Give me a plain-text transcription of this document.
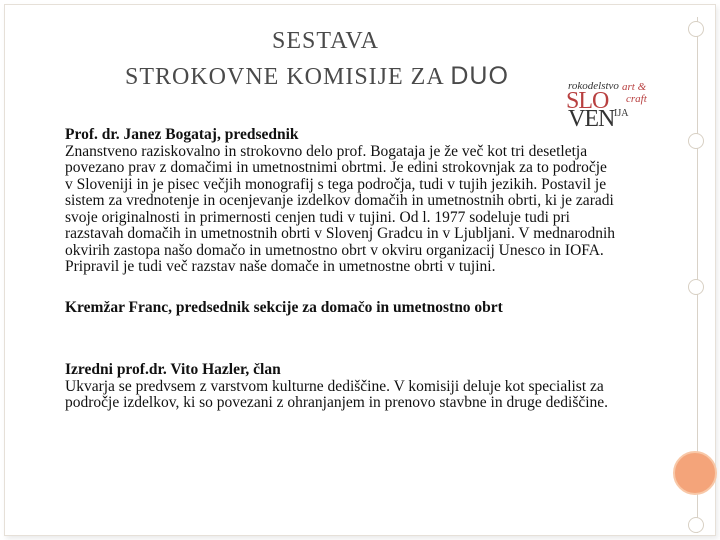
SESTAVA
STROKOVNE KOMISIJE ZA DUO	rokodelstvo art &
craft
SLO
VEN IJA

Prof. dr. Janez Bogataj, predsednik

Znanstveno raziskovalno in strokovno delo prof. Bogataja je že več kot tri desetletja povezano prav z domačimi in umetnostnimi obrtmi. Je edini strokovnjak za to področje v Sloveniji in je pisec večjih monografij s tega področja, tudi v tujih jezikih. Postavil je sistem za vrednotenje in ocenjevanje izdelkov domačih in umetnostnih obrti, ki je zaradi svoje originalnosti in primernosti cenjen tudi v tujini. Od l. 1977 sodeluje tudi pri razstavah domačih in umetnostnih obrti v Slovenj Gradcu in v Ljubljani. V mednarodnih okvirih zastopa našo domačo in umetnostno obrt v okviru organizacij Unesco in IOFA. Pripravil je tudi več razstav naše domače in umetnostne obrti v tujini.

Kremžar Franc, predsednik sekcije za domačo in umetnostno obrt

Izredni prof.dr. Vito Hazler, član

Ukvarja se predvsem z varstvom kulturne dediščine. V komisiji deluje kot specialist za področje izdelkov, ki so povezani z ohranjanjem in prenovo stavbne in druge dediščine.
